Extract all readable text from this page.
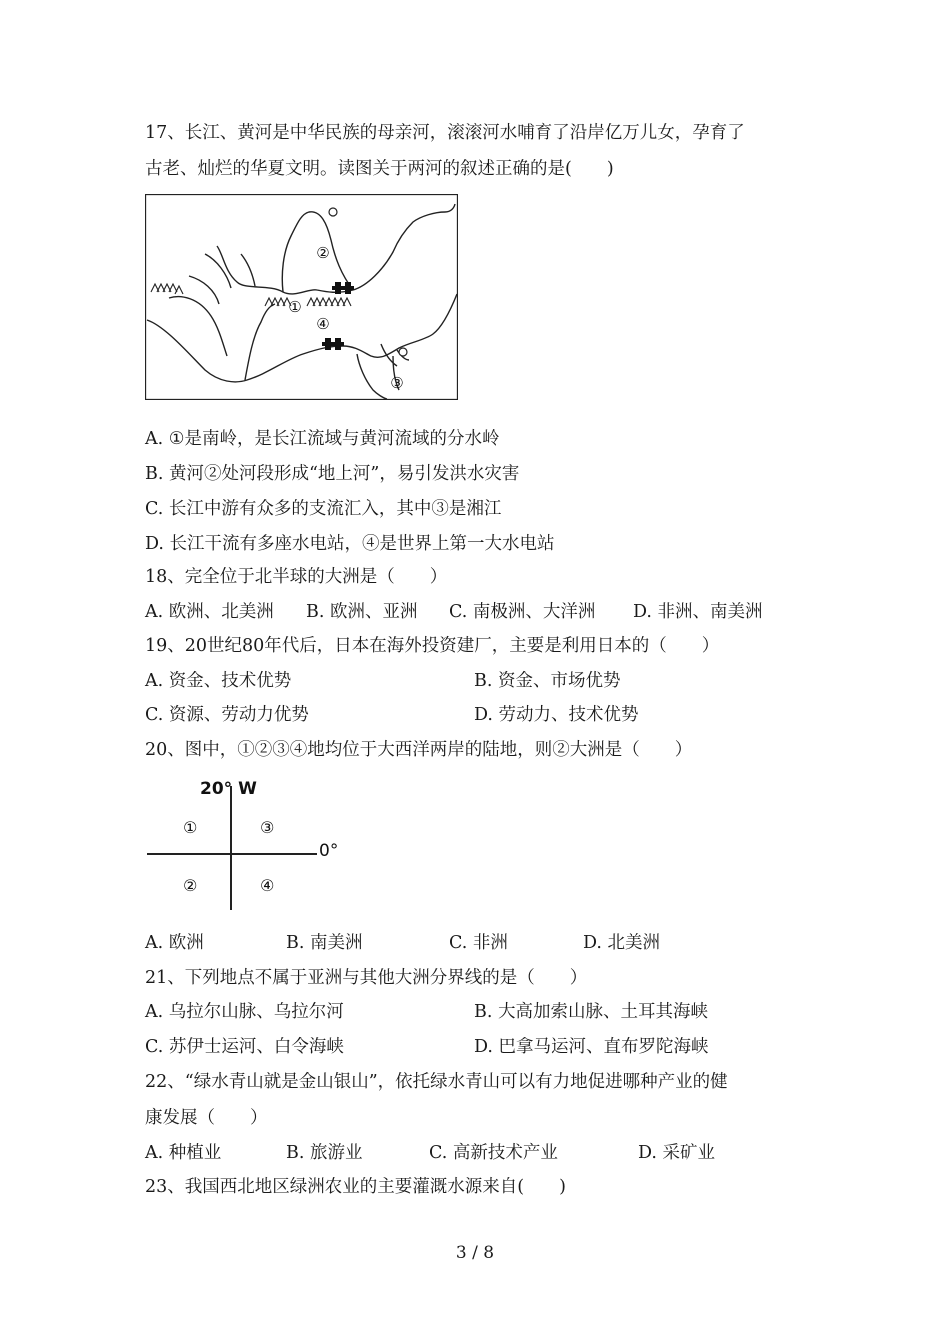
17、长江、黄河是中华民族的母亲河，滚滚河水哺育了沿岸亿万儿女，孕育了
古老、灿烂的华夏文明。读图关于两河的叙述正确的是(　　)
②
①
④
③
A. ①是南岭，是长江流域与黄河流域的分水岭
B. 黄河②处河段形成“地上河”，易引发洪水灾害
C. 长江中游有众多的支流汇入，其中③是湘江
D. 长江干流有多座水电站，④是世界上第一大水电站
18、完全位于北半球的大洲是（　　）
A. 欧洲、北美洲 B. 欧洲、亚洲 C. 南极洲、大洋洲 D. 非洲、南美洲
19、20世纪80年代后，日本在海外投资建厂，主要是利用日本的（　　）
A. 资金、技术优势	B. 资金、市场优势
C. 资源、劳动力优势	D. 劳动力、技术优势
20、图中，①②③④地均位于大西洋两岸的陆地，则②大洲是（　　）
20° W
0°
①	③
②	④
A. 欧洲	B. 南美洲	C. 非洲	D. 北美洲
21、下列地点不属于亚洲与其他大洲分界线的是（　　）
A. 乌拉尔山脉、乌拉尔河	B. 大高加索山脉、土耳其海峡
C. 苏伊士运河、白令海峡	D. 巴拿马运河、直布罗陀海峡
22、“绿水青山就是金山银山”，依托绿水青山可以有力地促进哪种产业的健
康发展（　　）
A. 种植业	B. 旅游业	C. 高新技术产业	D. 采矿业
23、我国西北地区绿洲农业的主要灌溉水源来自(　　)
3 / 8
